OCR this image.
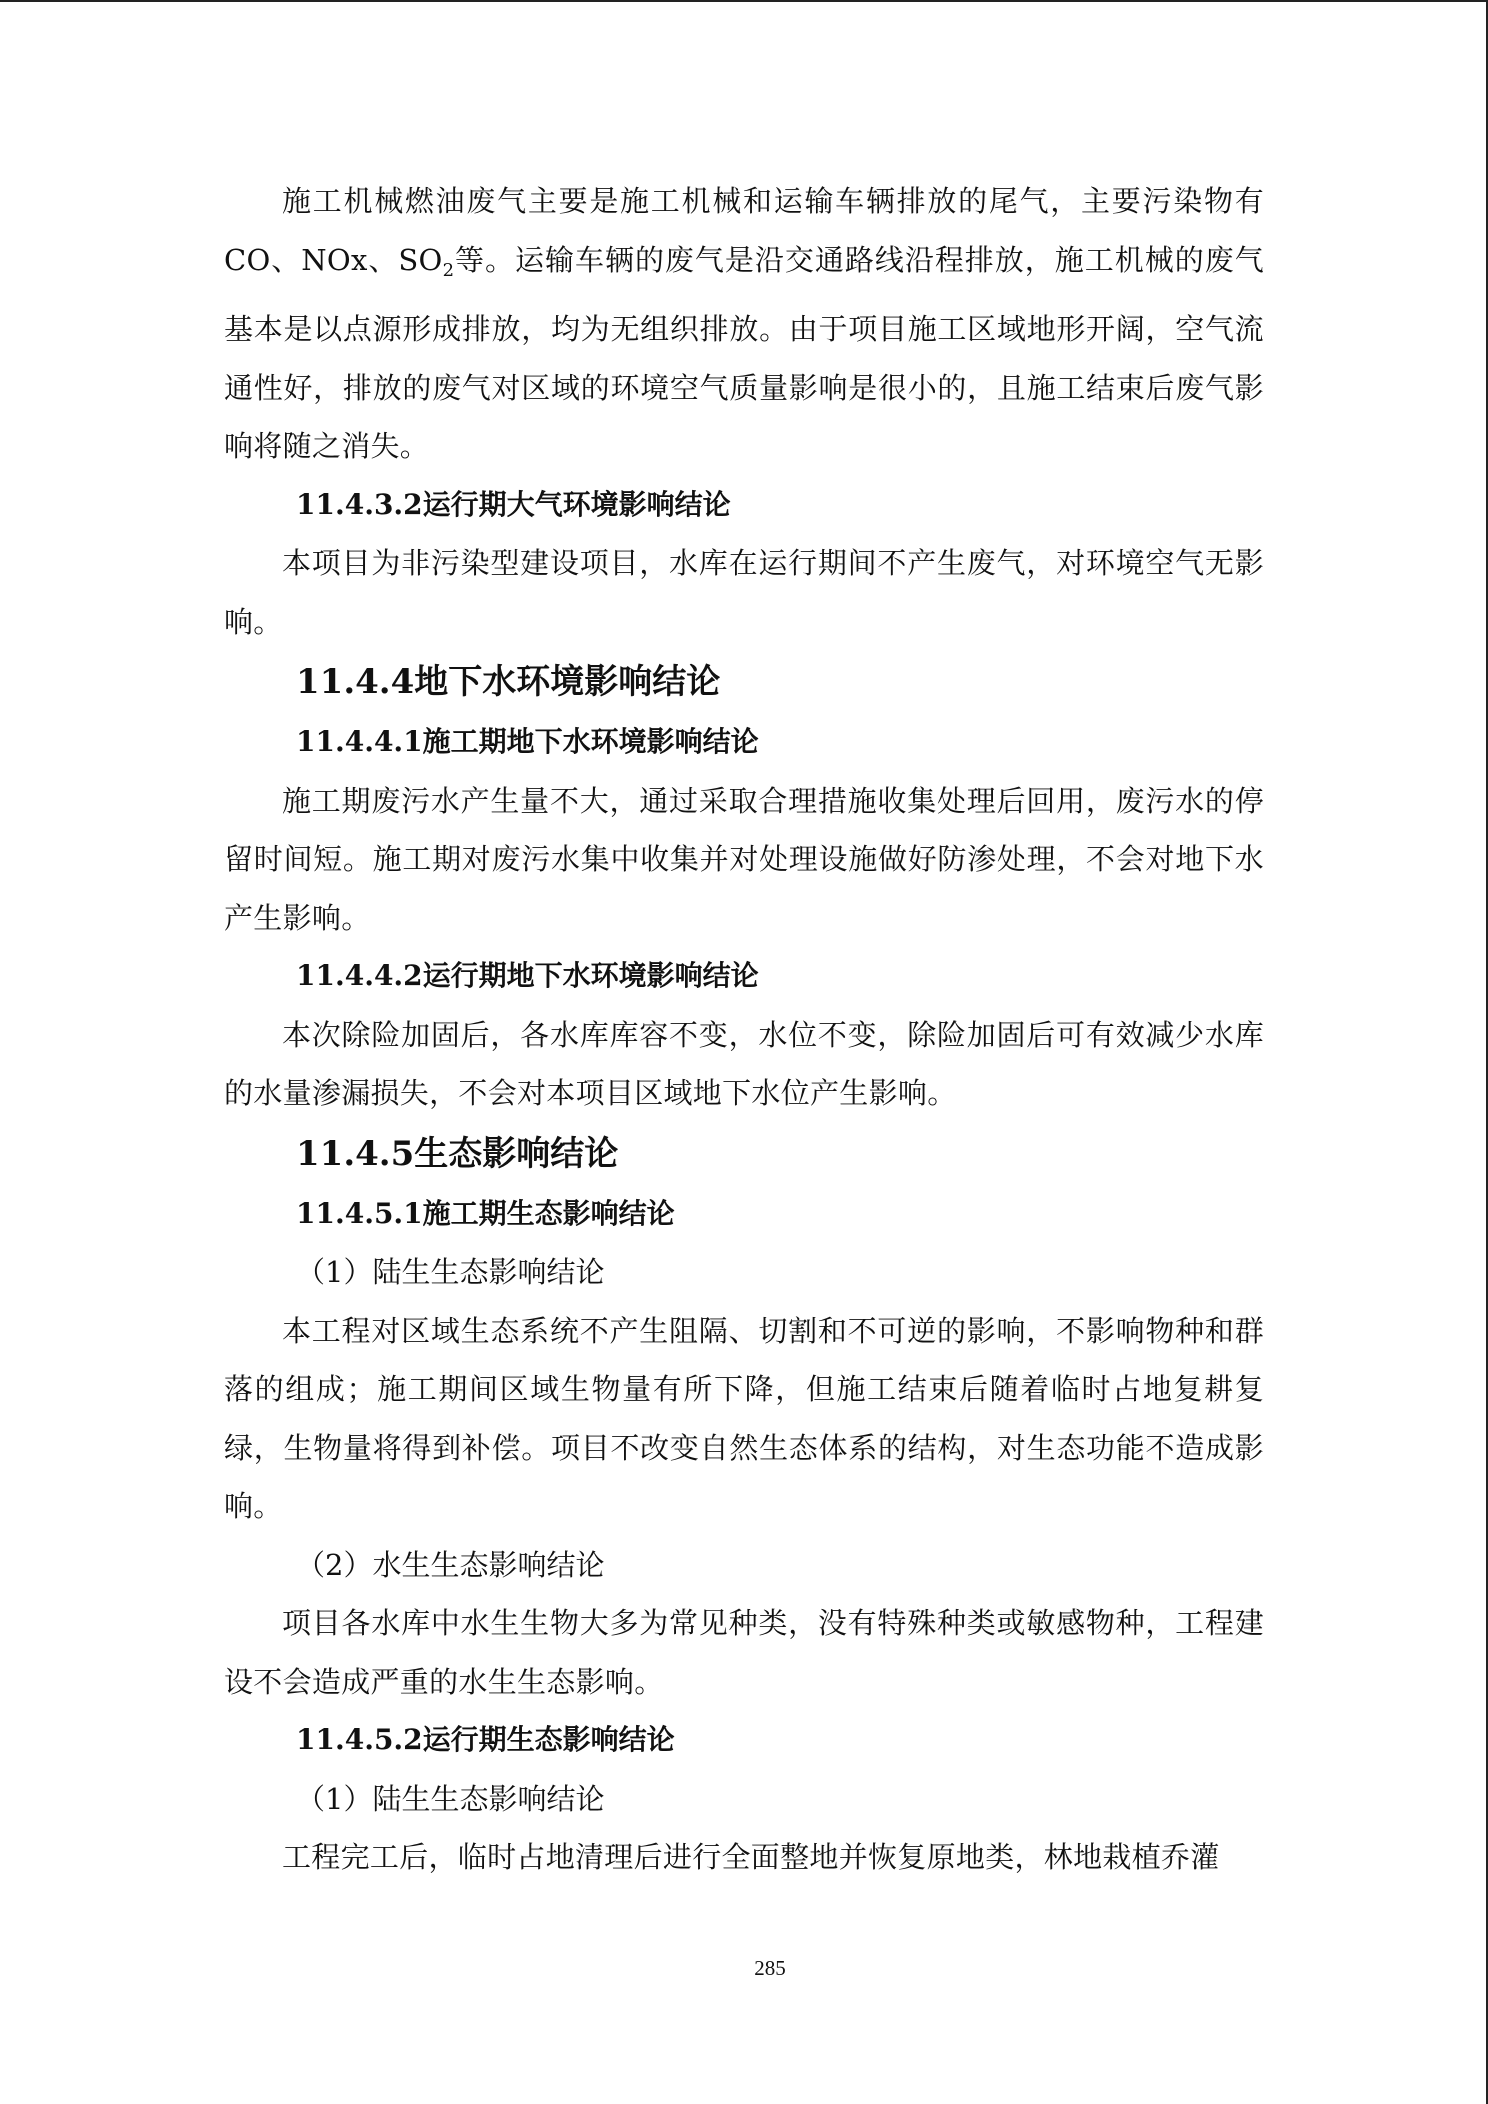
施工机械燃油废气主要是施工机械和运输车辆排放的尾气，主要污染物有CO、NOx、$SO_2$等。运输车辆的废气是沿交通路线沿程排放，施工机械的废气基本是以点源形成排放，均为无组织排放。由于项目施工区域地形开阔，空气流通性好，排放的废气对区域的环境空气质量影响是很小的，且施工结束后废气影响将随之消失。

11.4.3.2运行期大气环境影响结论

本项目为非污染型建设项目，水库在运行期间不产生废气，对环境空气无影响。

11.4.4地下水环境影响结论

11.4.4.1施工期地下水环境影响结论

施工期废污水产生量不大，通过采取合理措施收集处理后回用，废污水的停留时间短。施工期对废污水集中收集并对处理设施做好防渗处理，不会对地下水产生影响。

11.4.4.2运行期地下水环境影响结论

本次除险加固后，各水库库容不变，水位不变，除险加固后可有效减少水库的水量渗漏损失，不会对本项目区域地下水位产生影响。

11.4.5生态影响结论

11.4.5.1施工期生态影响结论

（1）陆生生态影响结论

本工程对区域生态系统不产生阻隔、切割和不可逆的影响，不影响物种和群落的组成；施工期间区域生物量有所下降，但施工结束后随着临时占地复耕复绿，生物量将得到补偿。项目不改变自然生态体系的结构，对生态功能不造成影响。

（2）水生生态影响结论

项目各水库中水生生物大多为常见种类，没有特殊种类或敏感物种，工程建设不会造成严重的水生生态影响。

11.4.5.2运行期生态影响结论

（1）陆生生态影响结论

工程完工后，临时占地清理后进行全面整地并恢复原地类，林地栽植乔灌

285
